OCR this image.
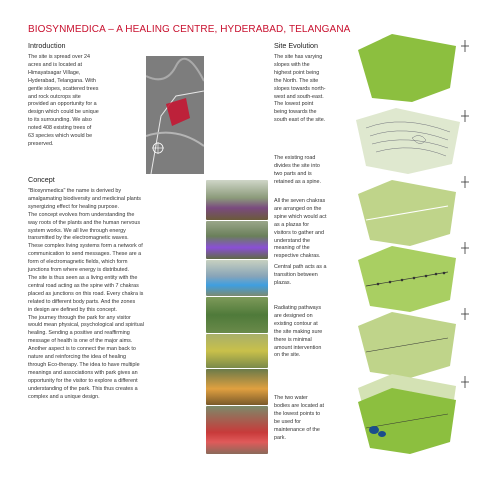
BIOSYNMEDICA – A HEALING CENTRE, HYDERABAD, TELANGANA
Introduction
The site is spread over 24
acres and is located at
Himayatsagar Village,
Hyderabad, Telangana. With
gentle slopes, scattered trees
and rock outcrops site
provided an opportunity for a
design which could be unique
to its surrounding. We also
noted 408 existing trees of
63 species which would be
preserved.
Concept
"Biosynmedica" the name is derived by
amalgamating biodiversity and medicinal plants
synergizing effect for healing purpose.
The concept evolves from understanding the
way roots of the plants and the human nervous
system works. We all live through energy
transmitted by the electromagnetic waves.
These complex living systems form a network of
communication to send messages. These are a
form of electromagnetic fields, which form
junctions from where energy is distributed.
The site is thus seen as a living entity with the
central road acting as the spine with 7 chakras
placed as junctions on this road. Every chakra is
related to different body parts. And the zones
in design are defined by this concept.
The journey through the park for any visitor
would mean physical, psychological and spiritual
healing. Sending a positive and reaffirming
message of health is one of the major aims.
Another aspect is to connect the man back to
nature and reinforcing the idea of healing
through Eco-therapy. The idea to have multiple
meanings and associations with park gives an
opportunity for the visitor to explore a different
understanding of the park. This thus creates a
complex and a unique design.
Site Evolution
The site has varying
slopes with the
highest point being
the North. The site
slopes towards north-
west and south-east.
The lowest point
being towards the
south east of the site.
The existing road
divides the site into
two parts and is
retained as a spine.
All the seven chakras
are arranged on the
spine which would act
as a plazas for
visitors to gather and
understand the
meaning of the
respective chakras.
Central path acts as a
transition between
plazas.
Radiating pathways
are designed on
existing contour at
the site making sure
there is minimal
amount intervention
on the site.
The two water
bodies are located at
the lowest points to
be used for
maintenance of the
park.
